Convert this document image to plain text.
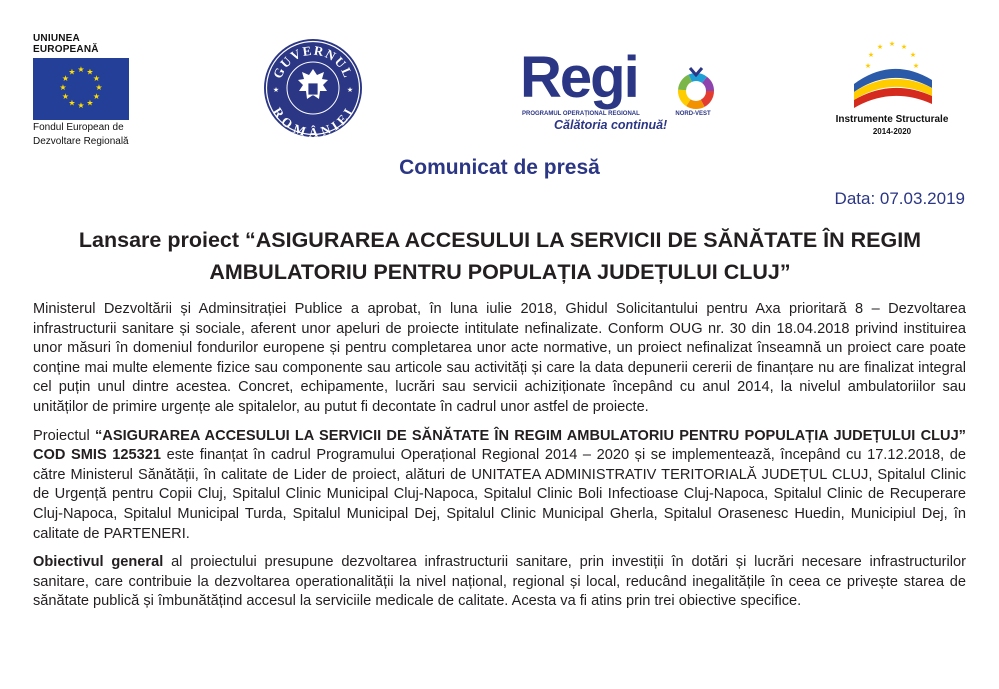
UNIUNEA EUROPEANĂ
★ ★
★
★
★
★
★
★
★
★
★
★
Fondul European de
Dezvoltare Regională
GUVERNUL
ROMÂNIEI
★	★	Regi
PROGRAMUL OPERAȚIONAL REGIONAL	NORD-VEST
Călătoria continuă!
★ ★
★
★
★
★
★
Instrumente Structurale
2014-2020
Comunicat de presă
Data: 07.03.2019
Lansare proiect “ASIGURAREA ACCESULUI LA SERVICII DE SĂNĂTATE ÎN REGIM AMBULATORIU PENTRU POPULAȚIA JUDEȚULUI CLUJ”

Ministerul Dezvoltării și Adminsitrației Publice a aprobat, în luna iulie 2018, Ghidul Solicitantului pentru Axa prioritară 8 – Dezvoltarea infrastructurii sanitare și sociale, aferent unor apeluri de proiecte intitulate nefinalizate. Conform OUG nr. 30 din 18.04.2018 privind instituirea unor măsuri în domeniul fondurilor europene și pentru completarea unor acte normative, un proiect nefinalizat înseamnă un proiect care poate conține mai multe elemente fizice sau componente sau articole sau activități și care la data depunerii cererii de finanțare nu are finalizat integral cel puțin unul dintre acestea. Concret, echipamente, lucrări sau servicii achiziționate începând cu anul 2014, la nivelul ambulatoriilor sau unităților de primire urgențe ale spitalelor, au putut fi decontate în cadrul unor astfel de proiecte.

Proiectul “ASIGURAREA ACCESULUI LA SERVICII DE SĂNĂTATE ÎN REGIM AMBULATORIU PENTRU POPULAȚIA JUDEȚULUI CLUJ” COD SMIS 125321 este finanțat în cadrul Programului Operațional Regional 2014 – 2020 și se implementează, începând cu 17.12.2018, de către Ministerul Sănătății, în calitate de Lider de proiect, alături de UNITATEA ADMINISTRATIV TERITORIALĂ JUDEȚUL CLUJ, Spitalul Clinic de Urgență pentru Copii Cluj, Spitalul Clinic Municipal Cluj-Napoca, Spitalul Clinic Boli Infectioase Cluj-Napoca, Spitalul Clinic de Recuperare Cluj-Napoca, Spitalul Municipal Turda, Spitalul Municipal Dej, Spitalul Clinic Municipal Gherla, Spitalul Orasenesc Huedin, Municipiul Dej, în calitate de PARTENERI.

Obiectivul general al proiectului presupune dezvoltarea infrastructurii sanitare, prin investiții în dotări și lucrări necesare infrastructurilor sanitare, care contribuie la dezvoltarea operationalității la nivel național, regional și local, reducând inegalitățile în ceea ce privește starea de sănătate publică și îmbunătățind accesul la serviciile medicale de calitate. Acesta va fi atins prin trei obiective specifice.
